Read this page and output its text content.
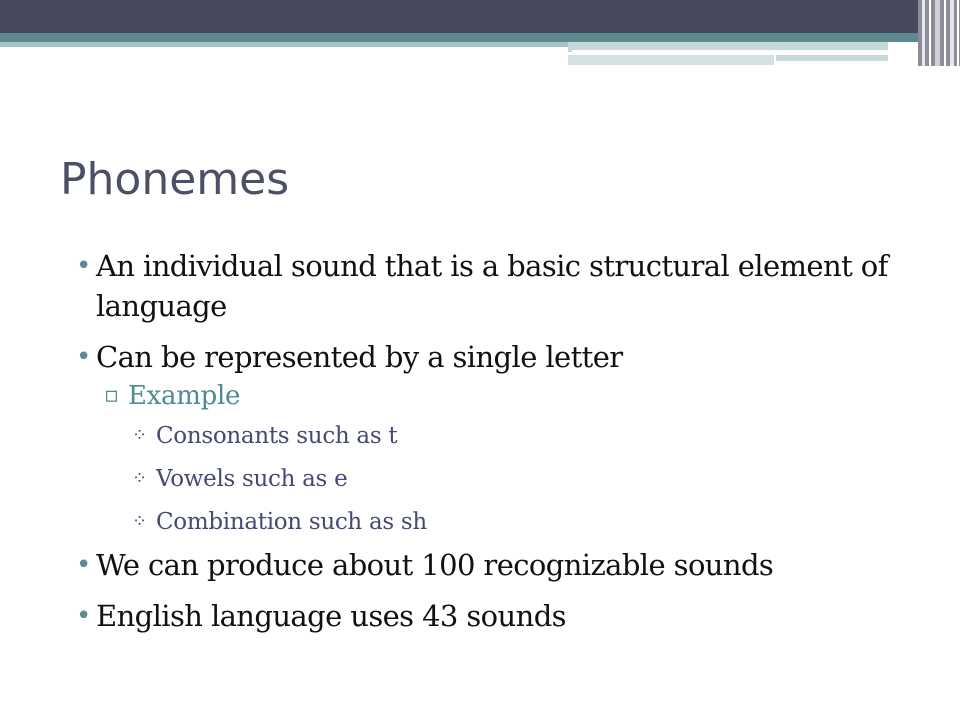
Phonemes
• An individual sound that is a basic structural element of language
• Can be represented by a single letter
▫ Example
⁘ Consonants such as t
⁘ Vowels such as e
⁘ Combination such as sh
• We can produce about 100 recognizable sounds
• English language uses 43 sounds
